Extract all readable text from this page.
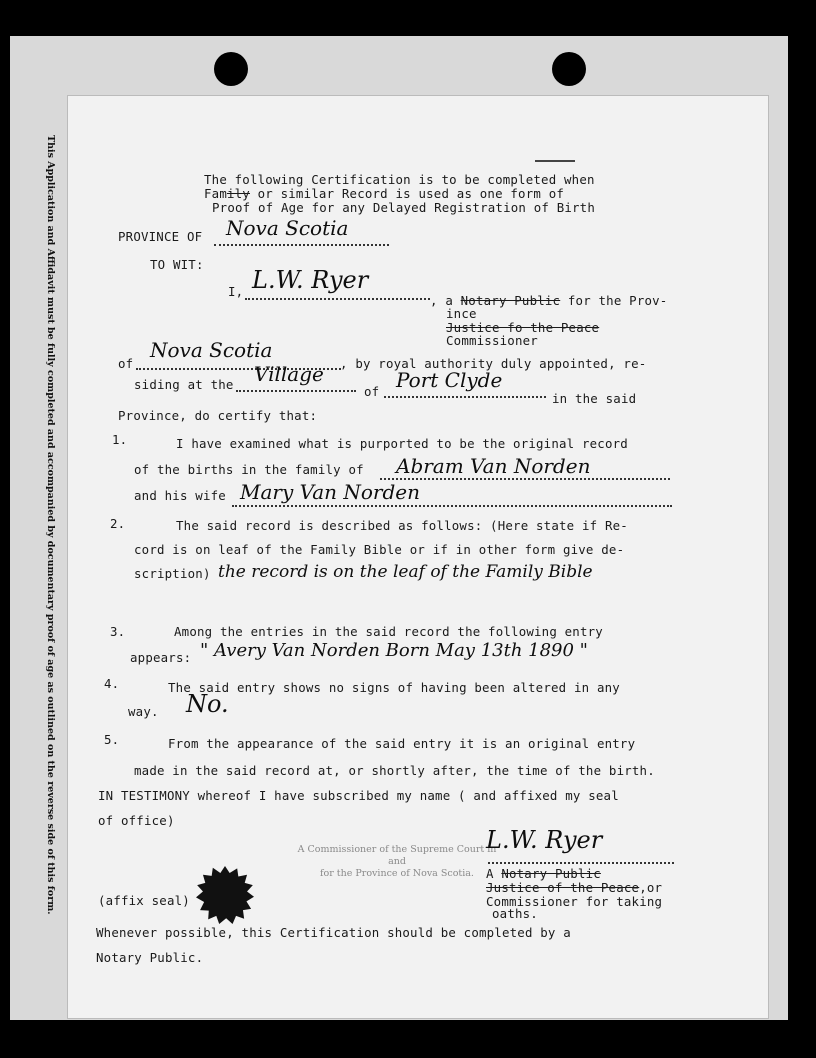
This Application and Affidavit must be fully completed and accompanied by documentary proof of age as outlined on the reverse side of this form.	The following Certification is to be completed when
Family or similar Record is used as one form of
Proof of Age for any Delayed Registration of Birth
PROVINCE OF Nova Scotia
TO WIT:
I, L.W. Ryer
, a Notary Public for the Prov-
ince
Justice fo the Peace
Commissioner
of
Nova Scotia
, by royal authority duly appointed, re-
siding at the Village
of Port Clyde
in the said
Province, do certify that:
1.	I have examined what is purported to be the original record
of the births in the family of Abram Van Norden
and his wife Mary Van Norden
2.	The said record is described as follows: (Here state if Re-
cord is on leaf of the Family Bible or if in other form give de-
scription) the record is on the leaf of the Family Bible
3.	Among the entries in the said record the following entry
appears: " Avery Van Norden Born May 13th 1890 "
4.	The said entry shows no signs of having been altered in any
way. No.
5.	From the appearance of the said entry it is an original entry
made in the said record at, or shortly after, the time of the birth.
IN TESTIMONY whereof I have subscribed my name ( and affixed my seal
of office)
A Commissioner of the Supreme Court in and
for the Province of Nova Scotia.
L.W. Ryer
A Notary Public
Justice of the Peace,or
Commissioner for taking
oaths.
(affix seal)
Whenever possible, this Certification should be completed by a
Notary Public.
